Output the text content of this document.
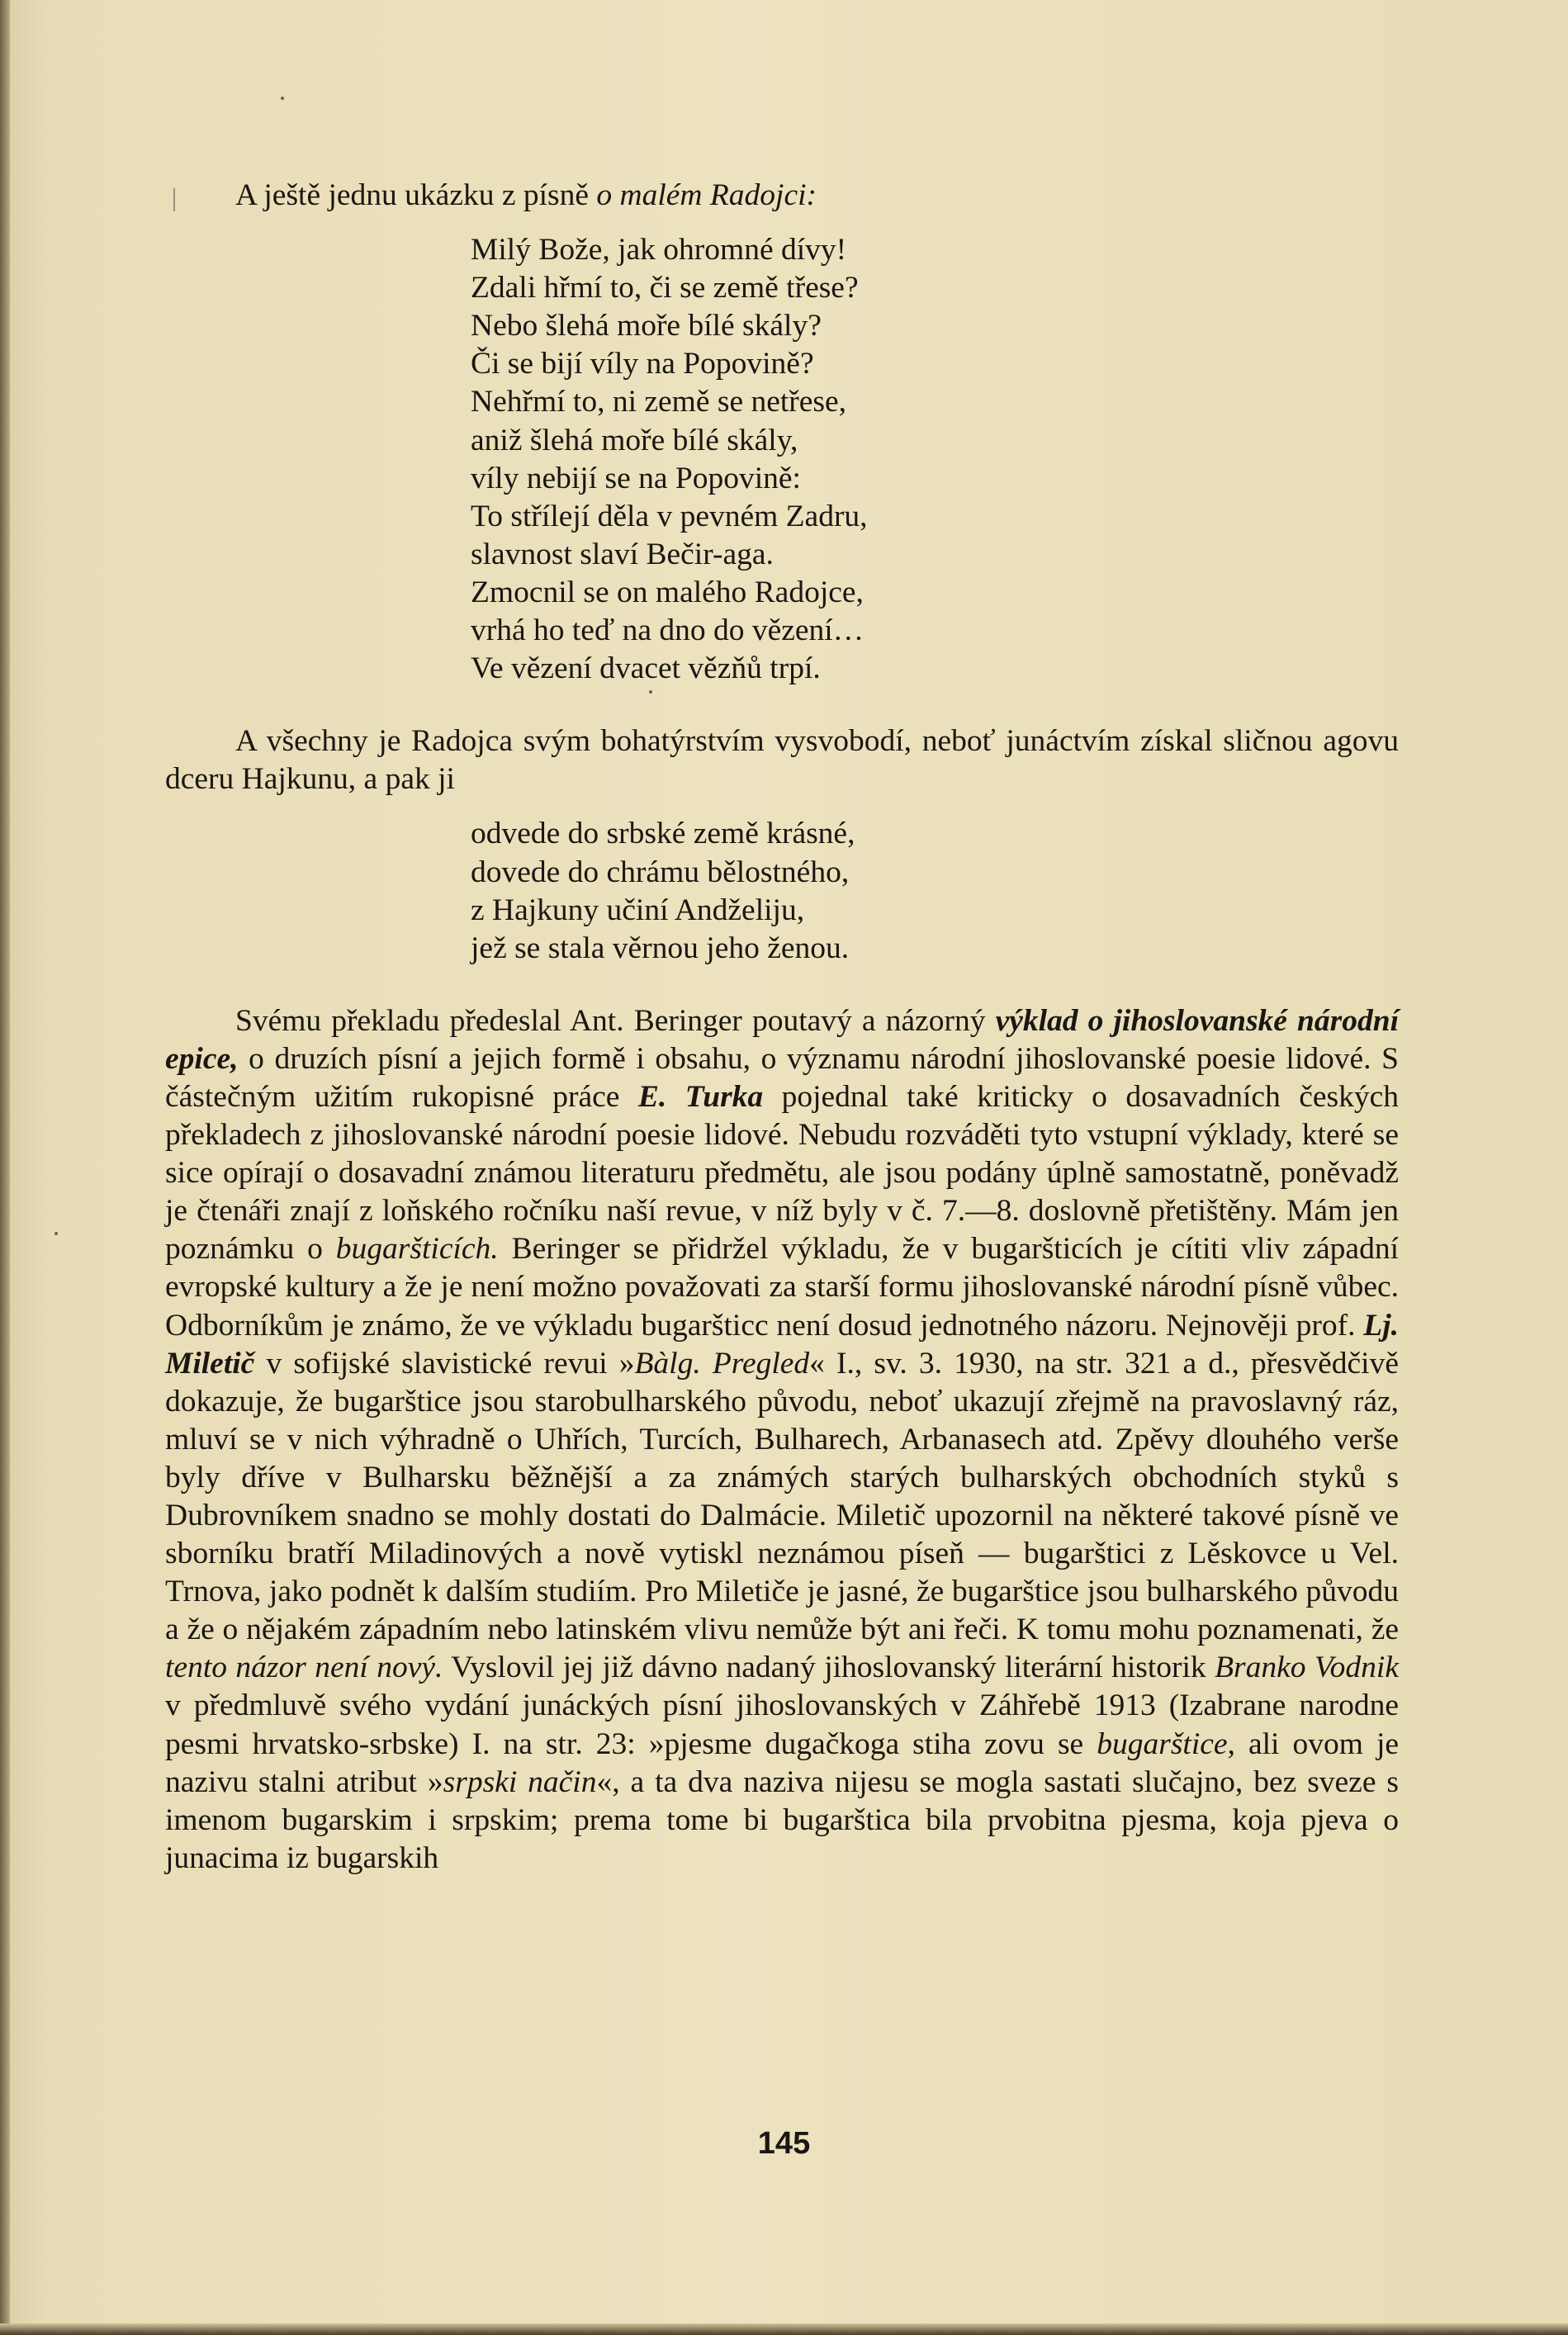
A ještě jednu ukázku z písně o malém Radojci:

Milý Bože, jak ohromné dívy!
Zdali hřmí to, či se země třese?
Nebo šlehá moře bílé skály?
Či se bijí víly na Popovině?
Nehřmí to, ni země se netřese,
aniž šlehá moře bílé skály,
víly nebijí se na Popovině:
To střílejí děla v pevném Zadru,
slavnost slaví Bečir-aga.
Zmocnil se on malého Radojce,
vrhá ho teď na dno do vězení…
Ve vězení dvacet vězňů trpí.

A všechny je Radojca svým bohatýrstvím vysvobodí, neboť junáctvím získal sličnou agovu dceru Hajkunu, a pak ji

odvede do srbské země krásné,
dovede do chrámu bělostného,
z Hajkuny učiní Andželiju,
jež se stala věrnou jeho ženou.

Svému překladu předeslal Ant. Beringer poutavý a názorný výklad o jihoslovanské národní epice, o druzích písní a jejich formě i obsahu, o významu národní jihoslovanské poesie lidové. S částečným užitím rukopisné práce E. Turka pojednal také kriticky o dosavadních českých překladech z jihoslovanské národní poesie lidové. Nebudu rozváděti tyto vstupní výklady, které se sice opírají o dosavadní známou literaturu předmětu, ale jsou podány úplně samostatně, poněvadž je čtenáři znají z loňského ročníku naší revue, v níž byly v č. 7.—8. doslovně přetištěny. Mám jen poznámku o bugaršticích. Beringer se přidržel výkladu, že v bugaršticích je cítiti vliv západní evropské kultury a že je není možno považovati za starší formu jihoslovanské národní písně vůbec. Odborníkům je známo, že ve výkladu bugaršticc není dosud jednotného názoru. Nejnověji prof. Lj. Miletič v sofijské slavistické revui »Bàlg. Pregled« I., sv. 3. 1930, na str. 321 a d., přesvědčivě dokazuje, že bugarštice jsou starobulharského původu, neboť ukazují zřejmě na pravoslavný ráz, mluví se v nich výhradně o Uhřích, Turcích, Bulharech, Arbanasech atd. Zpěvy dlouhého verše byly dříve v Bulharsku běžnější a za známých starých bulharských obchodních styků s Dubrovníkem snadno se mohly dostati do Dalmácie. Miletič upozornil na některé takové písně ve sborníku bratří Miladinových a nově vytiskl neznámou píseň — bugarštici z Lěskovce u Vel. Trnova, jako podnět k dalším studiím. Pro Miletiče je jasné, že bugarštice jsou bulharského původu a že o nějakém západním nebo latinském vlivu nemůže být ani řeči. K tomu mohu poznamenati, že tento názor není nový. Vyslovil jej již dávno nadaný jihoslovanský literární historik Branko Vodnik v předmluvě svého vydání junáckých písní jihoslovanských v Záhřebě 1913 (Izabrane narodne pesmi hrvatsko-srbske) I. na str. 23: »pjesme dugačkoga stiha zovu se bugaršticе, ali ovom je nazivu stalni atribut »srpski način«, a ta dva naziva nijesu se mogla sastati slučajno, bez sveze s imenom bugarskim i srpskim; prema tome bi bugarštica bila prvobitna pjesma, koja pjeva o junacima iz bugarskih

145
